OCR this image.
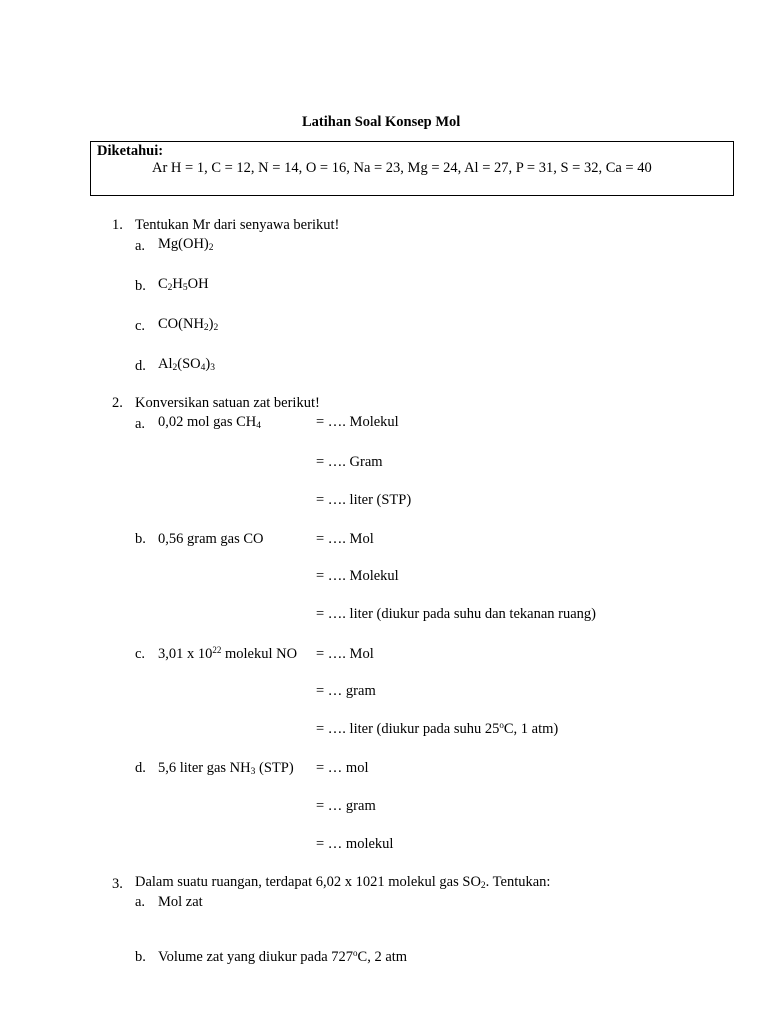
Latihan Soal Konsep Mol
Diketahui:
Ar H = 1, C = 12, N = 14, O = 16, Na = 23, Mg = 24, Al = 27, P = 31, S = 32, Ca = 40
1. Tentukan Mr dari senyawa berikut!
a. $Mg(OH)_2$
b. $C_2H_5OH$
c. $CO(NH_2)_2$
d. $Al_2(SO_4)_3$
2. Konversikan satuan zat berikut!
a. 0,02 mol gas $CH_4$	= …. Molekul
= …. Gram
= …. liter (STP)
b. 0,56 gram gas CO	= …. Mol
= …. Molekul
= …. liter (diukur pada suhu dan tekanan ruang)
c. 3,01 x $10^{22}$ molekul NO = …. Mol
= … gram
= …. liter (diukur pada suhu 25$^o$C, 1 atm)
d. 5,6 liter gas $NH_3$ (STP) = … mol
= … gram
= … molekul
3. Dalam suatu ruangan, terdapat 6,02 x 1021 molekul gas $SO_2$. Tentukan:
a. Mol zat
b. Volume zat yang diukur pada 727$^o$C, 2 atm
